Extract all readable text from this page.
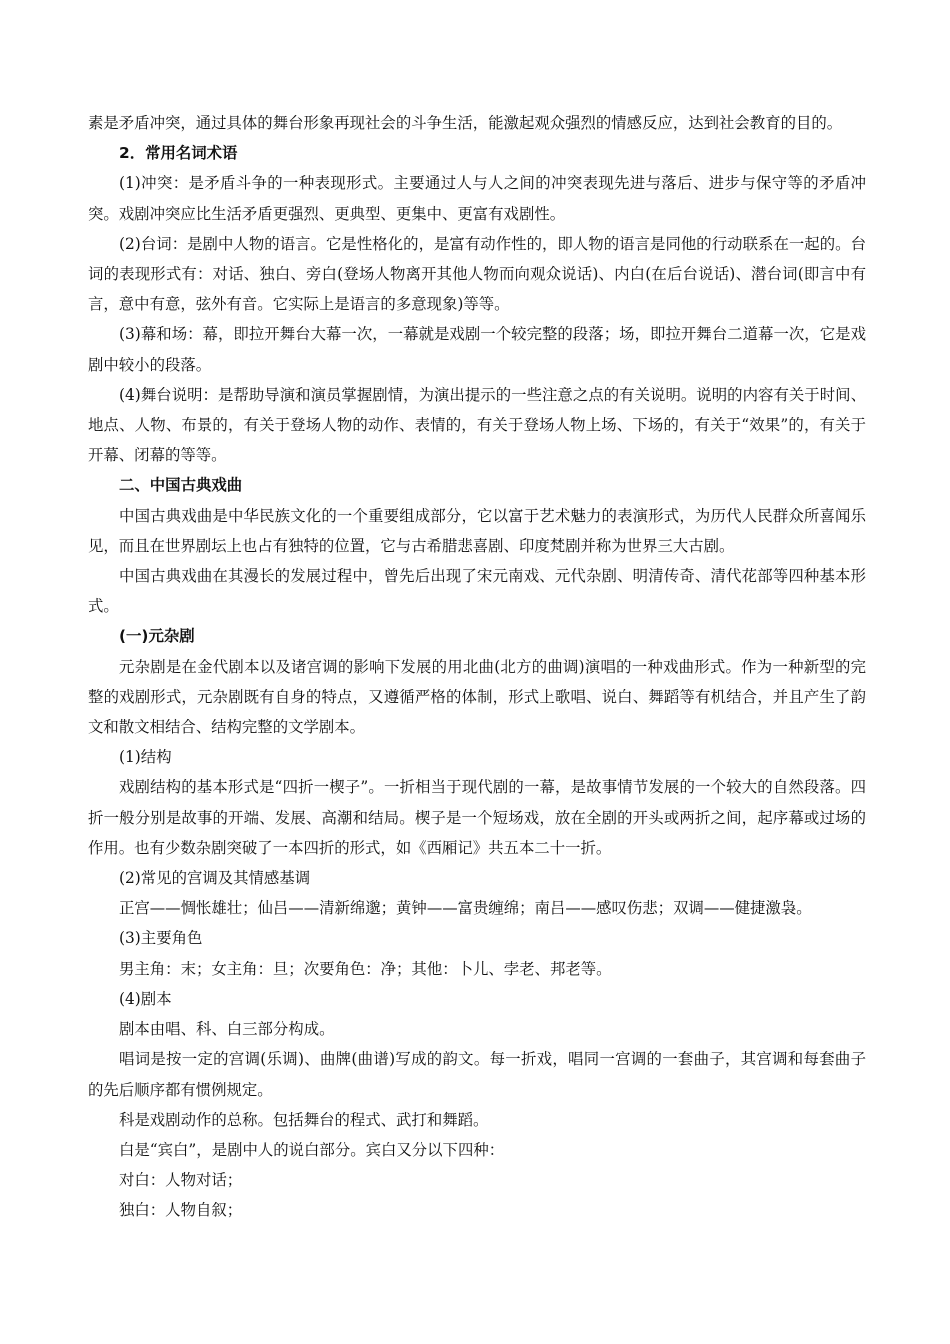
素是矛盾冲突，通过具体的舞台形象再现社会的斗争生活，能激起观众强烈的情感反应，达到社会教育的目的。

2．常用名词术语

(1)冲突：是矛盾斗争的一种表现形式。主要通过人与人之间的冲突表现先进与落后、进步与保守等的矛盾冲突。戏剧冲突应比生活矛盾更强烈、更典型、更集中、更富有戏剧性。

(2)台词：是剧中人物的语言。它是性格化的，是富有动作性的，即人物的语言是同他的行动联系在一起的。台词的表现形式有：对话、独白、旁白(登场人物离开其他人物而向观众说话)、内白(在后台说话)、潜台词(即言中有言，意中有意，弦外有音。它实际上是语言的多意现象)等等。

(3)幕和场：幕，即拉开舞台大幕一次，一幕就是戏剧一个较完整的段落；场，即拉开舞台二道幕一次，它是戏剧中较小的段落。

(4)舞台说明：是帮助导演和演员掌握剧情，为演出提示的一些注意之点的有关说明。说明的内容有关于时间、地点、人物、布景的，有关于登场人物的动作、表情的，有关于登场人物上场、下场的，有关于“效果”的，有关于开幕、闭幕的等等。

二、中国古典戏曲

中国古典戏曲是中华民族文化的一个重要组成部分，它以富于艺术魅力的表演形式，为历代人民群众所喜闻乐见，而且在世界剧坛上也占有独特的位置，它与古希腊悲喜剧、印度梵剧并称为世界三大古剧。

中国古典戏曲在其漫长的发展过程中，曾先后出现了宋元南戏、元代杂剧、明清传奇、清代花部等四种基本形式。

(一)元杂剧

元杂剧是在金代剧本以及诸宫调的影响下发展的用北曲(北方的曲调)演唱的一种戏曲形式。作为一种新型的完整的戏剧形式，元杂剧既有自身的特点，又遵循严格的体制，形式上歌唱、说白、舞蹈等有机结合，并且产生了韵文和散文相结合、结构完整的文学剧本。

(1)结构

戏剧结构的基本形式是“四折一楔子”。一折相当于现代剧的一幕，是故事情节发展的一个较大的自然段落。四折一般分别是故事的开端、发展、高潮和结局。楔子是一个短场戏，放在全剧的开头或两折之间，起序幕或过场的作用。也有少数杂剧突破了一本四折的形式，如《西厢记》共五本二十一折。

(2)常见的宫调及其情感基调

正宫——惆怅雄壮；仙吕——清新绵邈；黄钟——富贵缠绵；南吕——感叹伤悲；双调——健捷激袅。

(3)主要角色

男主角：末；女主角：旦；次要角色：净；其他：卜儿、孛老、邦老等。

(4)剧本

剧本由唱、科、白三部分构成。

唱词是按一定的宫调(乐调)、曲牌(曲谱)写成的韵文。每一折戏，唱同一宫调的一套曲子，其宫调和每套曲子的先后顺序都有惯例规定。

科是戏剧动作的总称。包括舞台的程式、武打和舞蹈。

白是“宾白”，是剧中人的说白部分。宾白又分以下四种：

对白：人物对话；

独白：人物自叙；
